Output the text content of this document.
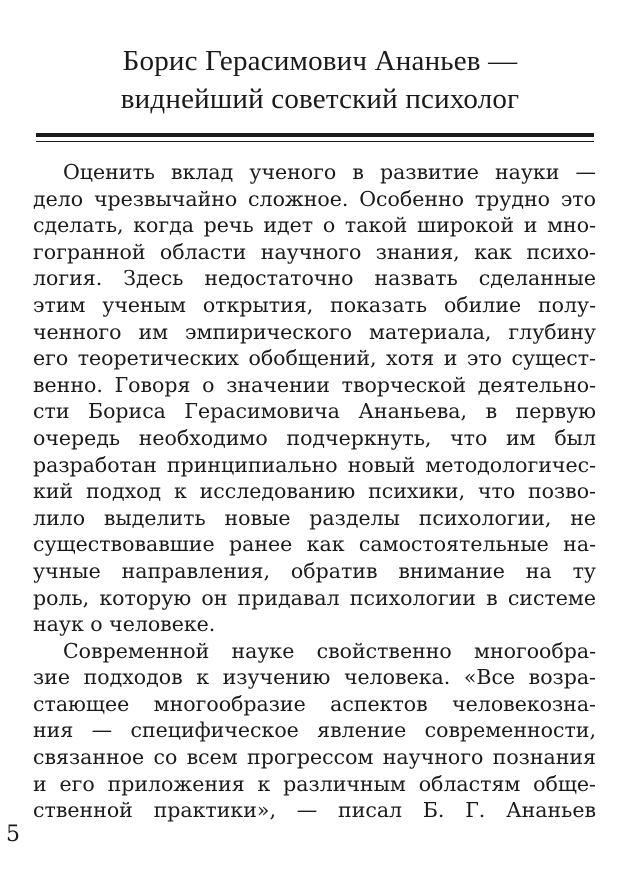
Борис Герасимович Ананьев —
виднейший советский психолог
Оценить вклад ученого в развитие науки —
дело чрезвычайно сложное. Особенно трудно это
сделать, когда речь идет о такой широкой и мно-
гогранной области научного знания, как психо-
логия. Здесь недостаточно назвать сделанные
этим ученым открытия, показать обилие полу-
ченного им эмпирического материала, глубину
его теоретических обобщений, хотя и это сущест-
венно. Говоря о значении творческой деятельно-
сти Бориса Герасимовича Ананьева, в первую
очередь необходимо подчеркнуть, что им был
разработан принципиально новый методологичес-
кий подход к исследованию психики, что позво-
лило выделить новые разделы психологии, не
существовавшие ранее как самостоятельные на-
учные направления, обратив внимание на ту
роль, которую он придавал психологии в системе
наук о человеке.
Современной науке свойственно многообра-
зие подходов к изучению человека. «Все возра-
стающее многообразие аспектов человекозна-
ния — специфическое явление современности,
связанное со всем прогрессом научного познания
и его приложения к различным областям обще-
ственной практики», — писал Б. Г. Ананьев
5
